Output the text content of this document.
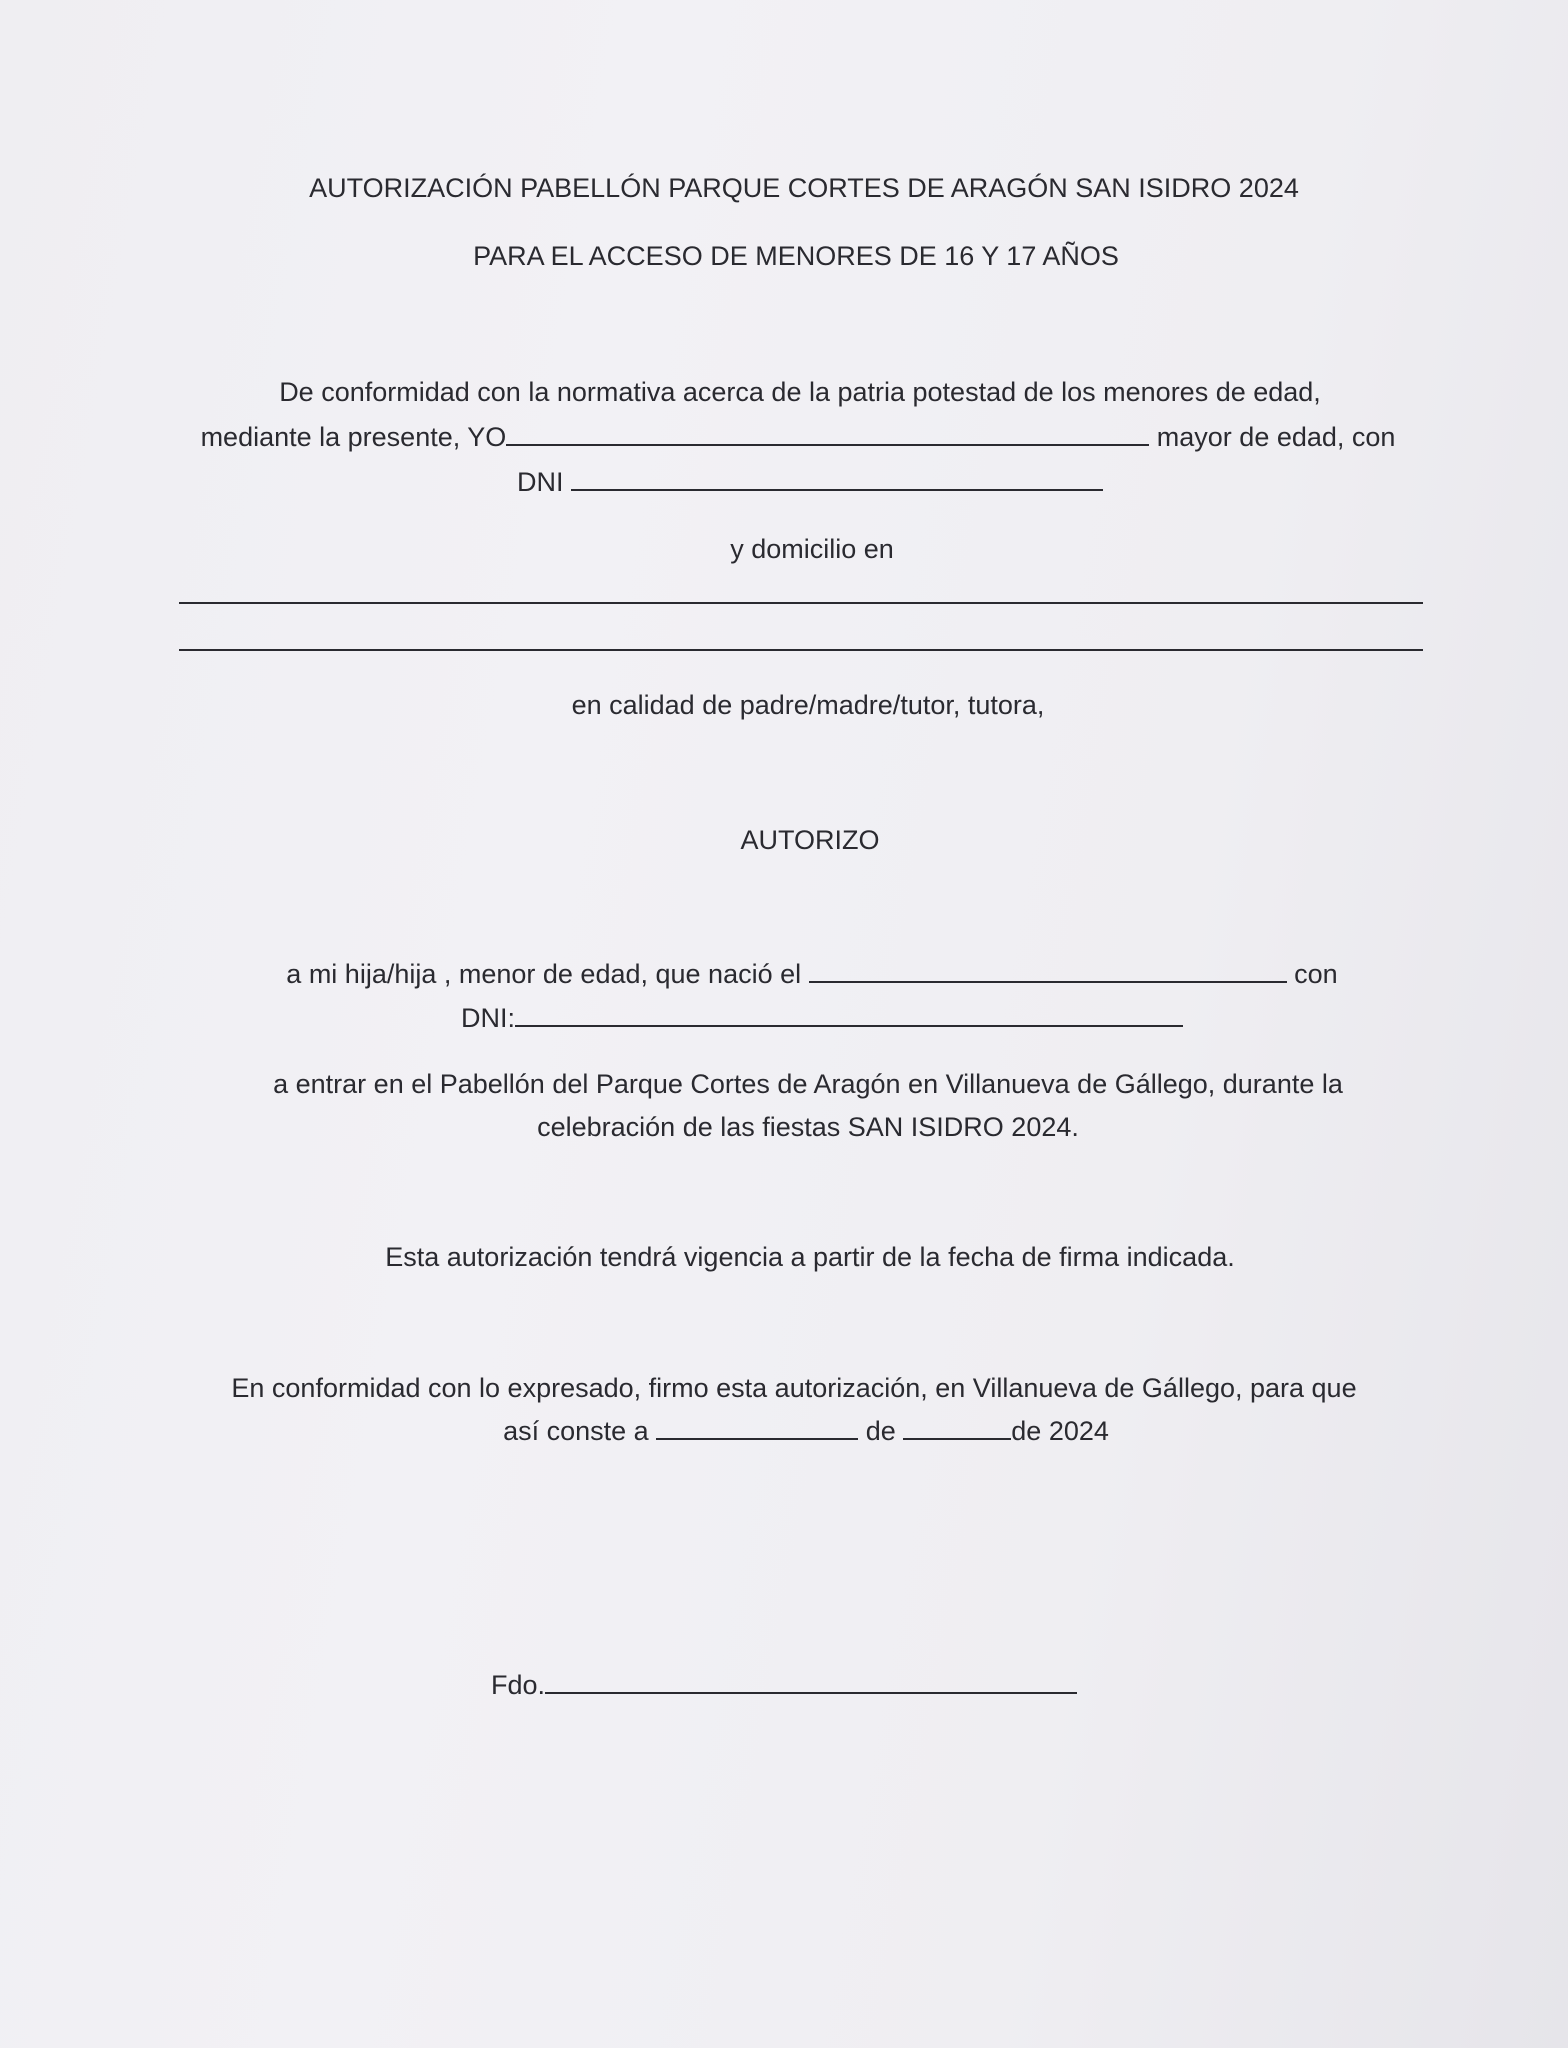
AUTORIZACIÓN PABELLÓN PARQUE CORTES DE ARAGÓN SAN ISIDRO 2024
PARA EL ACCESO DE MENORES DE 16 Y 17 AÑOS
De conformidad con la normativa acerca de la patria potestad de los menores de edad,
mediante la presente, YO	mayor de edad, con
DNI
y domicilio en
en calidad de padre/madre/tutor, tutora,
AUTORIZO
a mi hija/hija , menor de edad, que nació el	con
DNI:
a entrar en el Pabellón del Parque Cortes de Aragón en Villanueva de Gállego, durante la
celebración de las fiestas SAN ISIDRO 2024.
Esta autorización tendrá vigencia a partir de la fecha de firma indicada.
En conformidad con lo expresado, firmo esta autorización, en Villanueva de Gállego, para que
así conste a	de	de 2024
Fdo.
